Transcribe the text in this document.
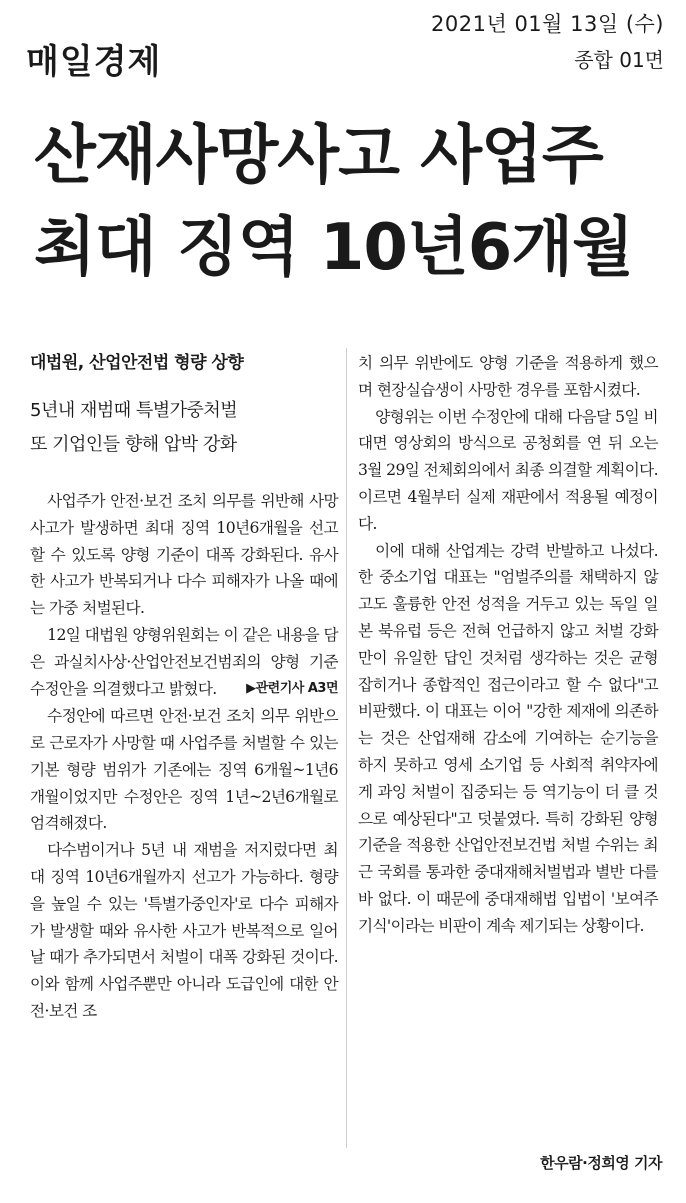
매일경제
2021년 01월 13일 (수)
종합 01면
산재사망사고 사업주
최대 징역 10년6개월
대법원, 산업안전법 형량 상향
5년내 재범때 특별가중처벌
또 기업인들 향해 압박 강화

사업주가 안전·보건 조치 의무를 위반해 사망사고가 발생하면 최대 징역 10년6개월을 선고할 수 있도록 양형 기준이 대폭 강화된다. 유사한 사고가 반복되거나 다수 피해자가 나올 때에는 가중 처벌된다.

12일 대법원 양형위원회는 이 같은 내용을 담은 과실치사상·산업안전보건범죄의 양형 기준 수정안을 의결했다고 밝혔다.	▶관련기사 A3면

수정안에 따르면 안전·보건 조치 의무 위반으로 근로자가 사망할 때 사업주를 처벌할 수 있는 기본 형량 범위가 기존에는 징역 6개월~1년6개월이었지만 수정안은 징역 1년~2년6개월로 엄격해졌다.

다수범이거나 5년 내 재범을 저지렀다면 최대 징역 10년6개월까지 선고가 가능하다. 형량을 높일 수 있는 '특별가중인자'로 다수 피해자가 발생할 때와 유사한 사고가 반복적으로 일어날 때가 추가되면서 처벌이 대폭 강화된 것이다. 이와 함께 사업주뿐만 아니라 도급인에 대한 안전·보건 조

치 의무 위반에도 양형 기준을 적용하게 했으며 현장실습생이 사망한 경우를 포함시켰다.

양형위는 이번 수정안에 대해 다음달 5일 비대면 영상회의 방식으로 공청회를 연 뒤 오는 3월 29일 전체회의에서 최종 의결할 계획이다. 이르면 4월부터 실제 재판에서 적용될 예정이다.

이에 대해 산업계는 강력 반발하고 나섰다. 한 중소기업 대표는 "엄벌주의를 채택하지 않고도 훌륭한 안전 성적을 거두고 있는 독일 일본 북유럽 등은 전혀 언급하지 않고 처벌 강화만이 유일한 답인 것처럼 생각하는 것은 균형 잡히거나 종합적인 접근이라고 할 수 없다"고 비판했다. 이 대표는 이어 "강한 제재에 의존하는 것은 산업재해 감소에 기여하는 순기능을 하지 못하고 영세 소기업 등 사회적 취약자에게 과잉 처벌이 집중되는 등 역기능이 더 클 것으로 예상된다"고 덧붙였다. 특히 강화된 양형 기준을 적용한 산업안전보건법 처벌 수위는 최근 국회를 통과한 중대재해처벌법과 별반 다를 바 없다. 이 때문에 중대재해법 입법이 '보여주기식'이라는 비판이 계속 제기되는 상황이다.

한우람·정희영 기자
